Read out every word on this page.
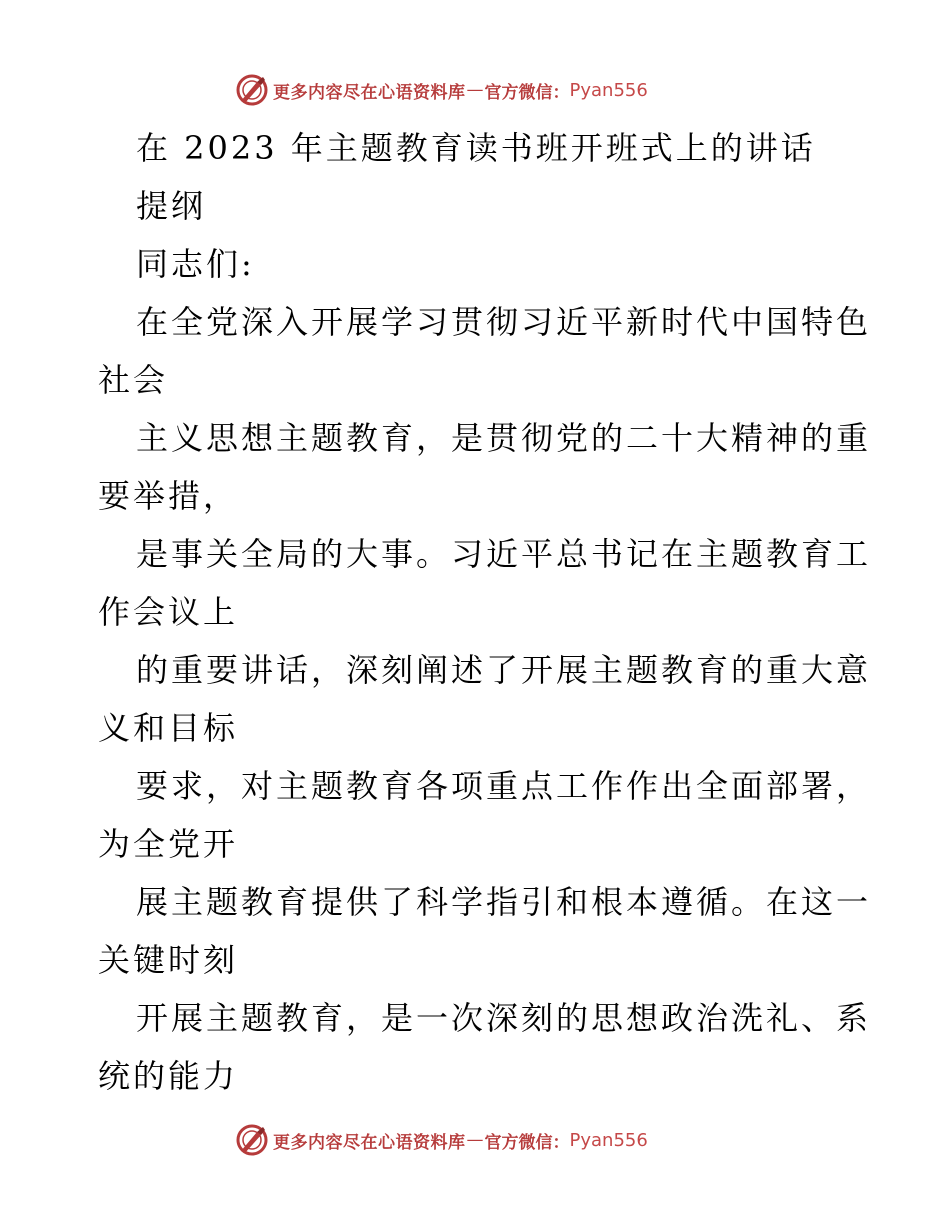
更多内容尽在心语资料库 — 官方微信： Pyan556
在 2023 年主题教育读书班开班式上的讲话
提纲
同志们:
在全党深入开展学习贯彻习近平新时代中国特色
社会
主义思想主题教育，是贯彻党的二十大精神的重
要举措，
是事关全局的大事。习近平总书记在主题教育工
作会议上
的重要讲话，深刻阐述了开展主题教育的重大意
义和目标
要求，对主题教育各项重点工作作出全面部署，
为全党开
展主题教育提供了科学指引和根本遵循。在这一
关键时刻
开展主题教育，是一次深刻的思想政治洗礼、系
统的能力
更多内容尽在心语资料库 — 官方微信： Pyan556
